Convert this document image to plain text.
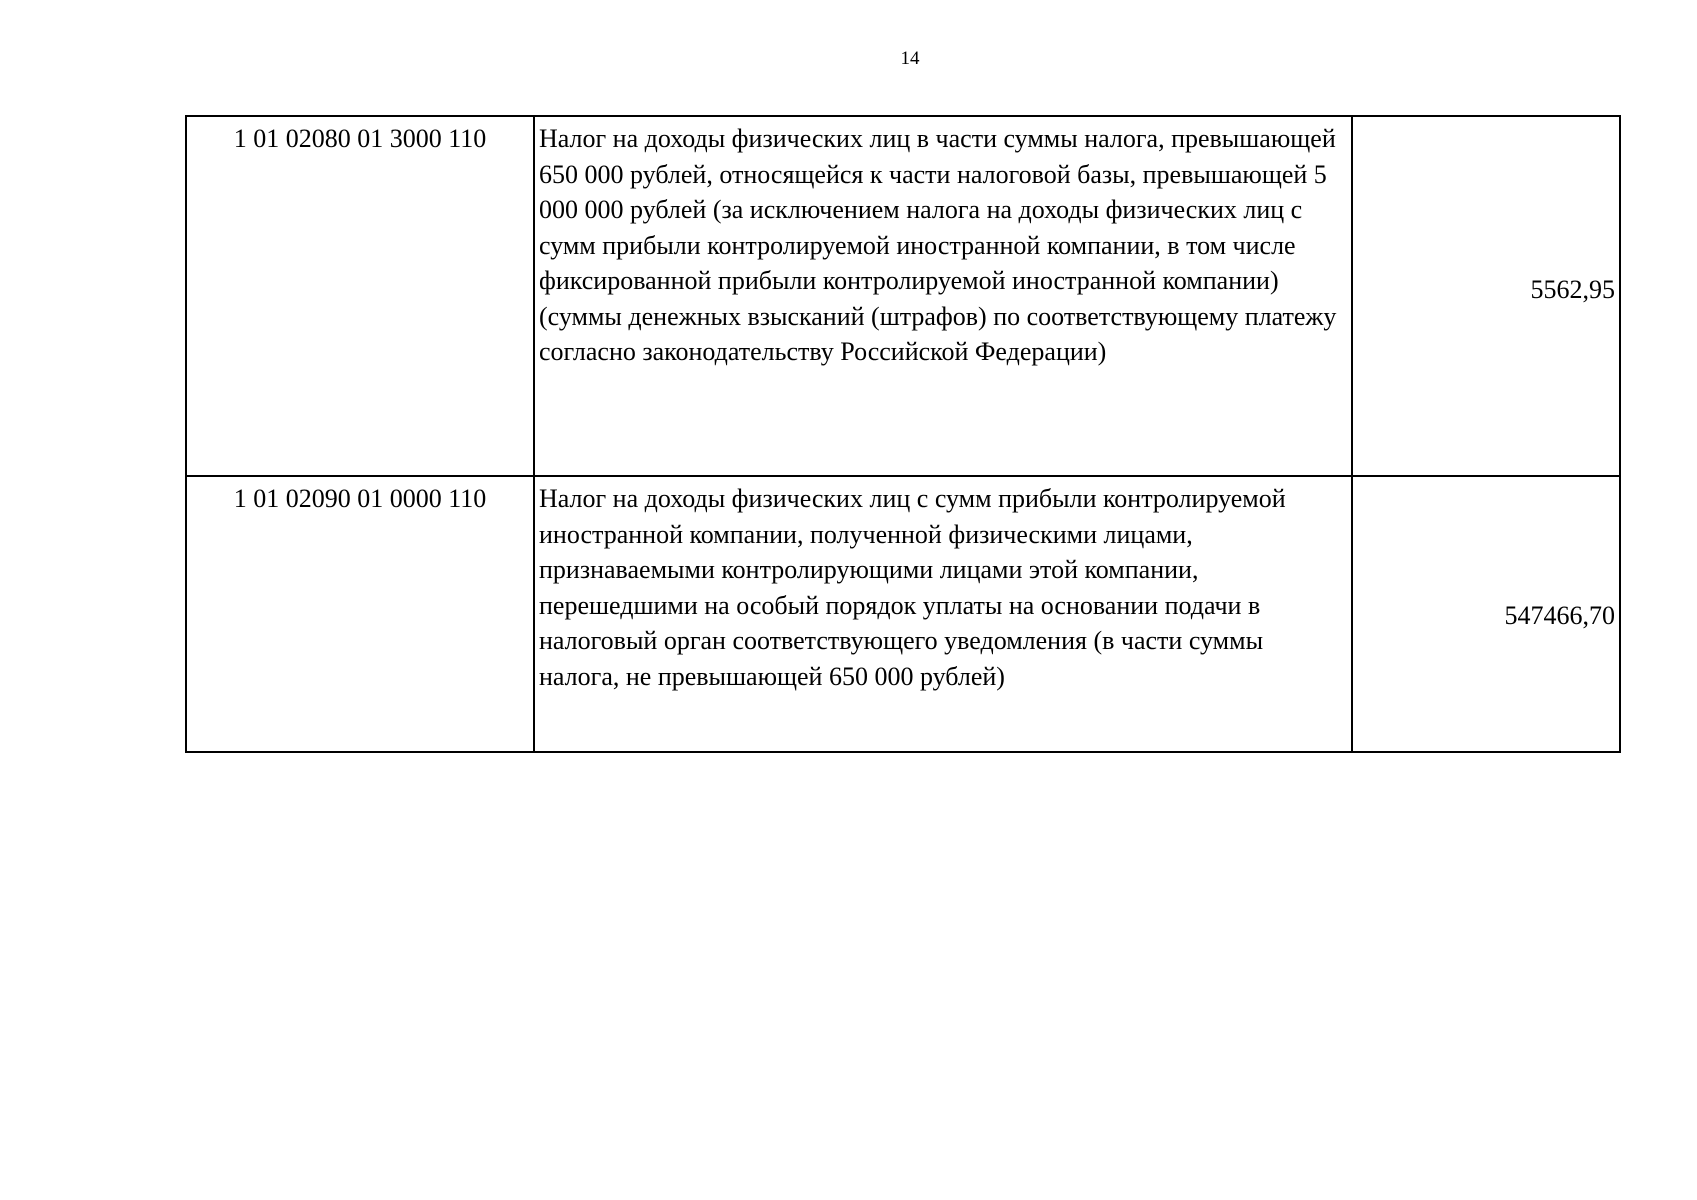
14
1 01 02080 01 3000 110	Налог на доходы физических лиц в части суммы налога, превышающей 650 000 рублей, относящейся к части налоговой базы, превышающей 5 000 000 рублей (за исключением налога на доходы физических лиц с сумм прибыли контролируемой иностранной компании, в том числе фиксированной прибыли контролируемой иностранной компании) (суммы денежных взысканий (штрафов) по соответствующему платежу согласно законодательству Российской Федерации)	5562,95
1 01 02090 01 0000 110	Налог на доходы физических лиц с сумм прибыли контролируемой иностранной компании, полученной физическими лицами, признаваемыми контролирующими лицами этой компании, перешедшими на особый порядок уплаты на основании подачи в налоговый орган соответствующего уведомления (в части суммы налога, не превышающей 650 000 рублей)	547466,70
